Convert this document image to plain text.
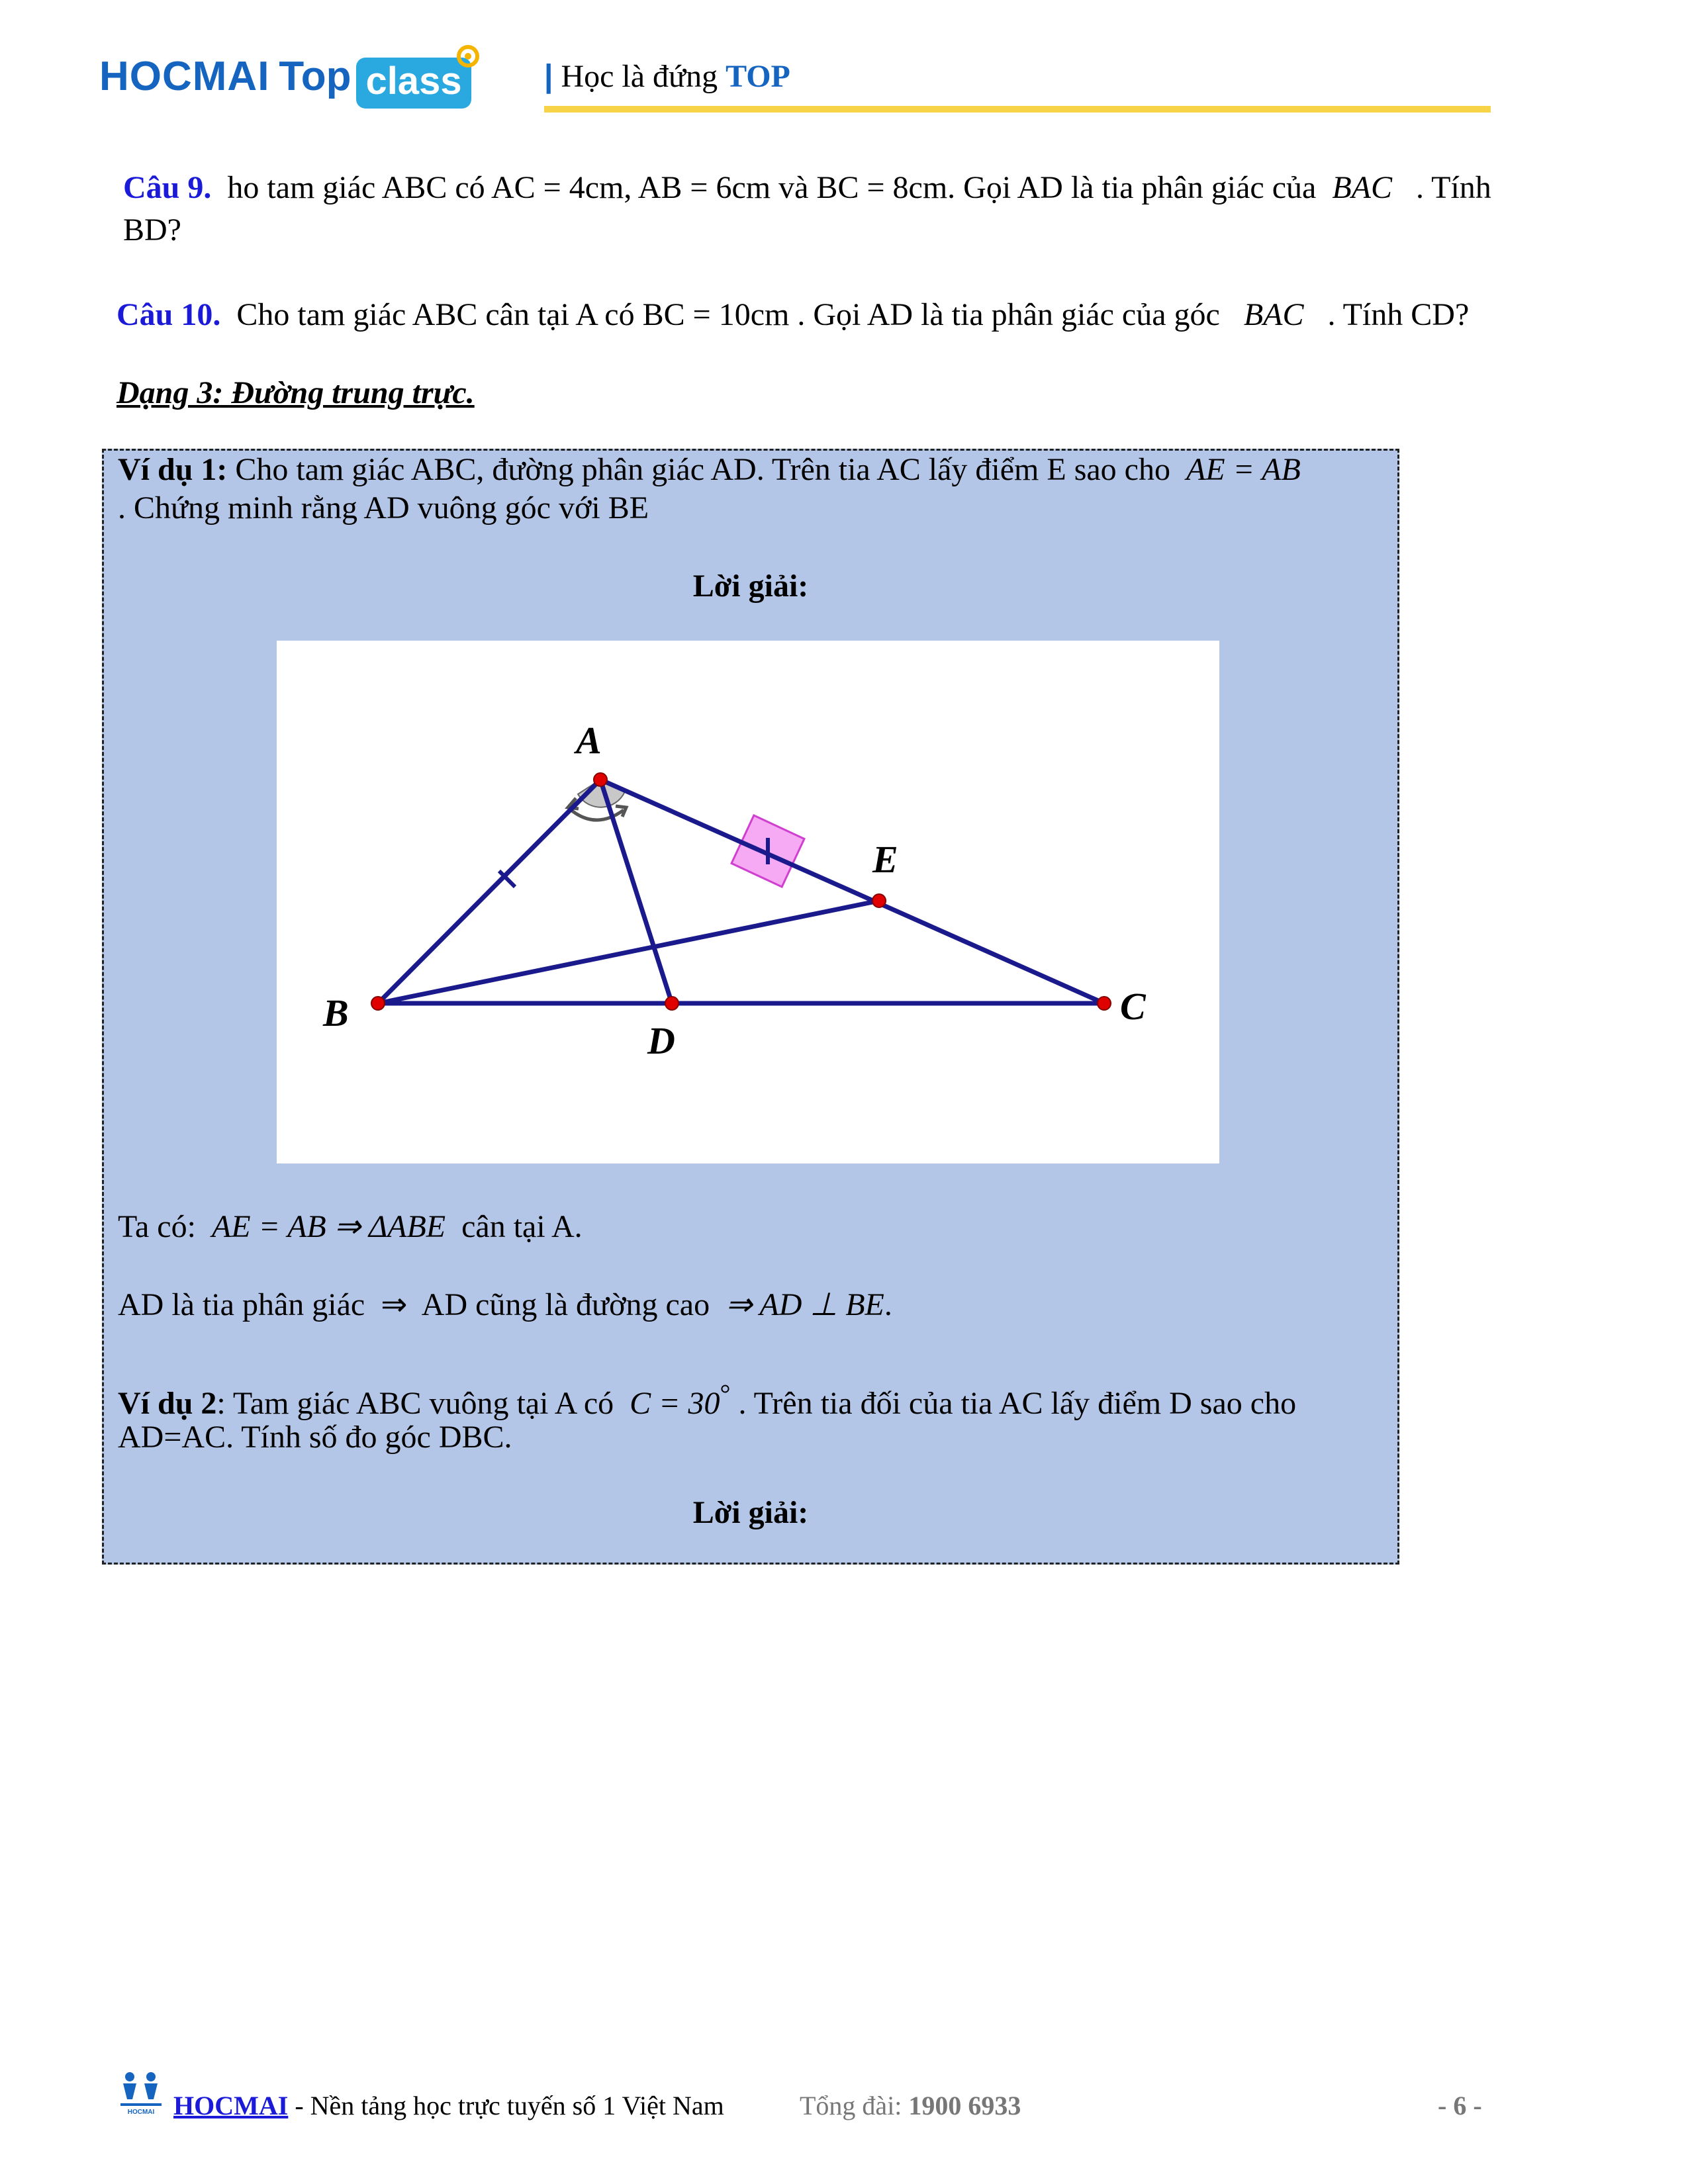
HOCMAI Top class	| Học là đứng TOP
Câu 9. ho tam giác ABC có AC = 4cm, AB = 6cm và BC = 8cm. Gọi AD là tia phân giác của BAC . Tính
BD?
Câu 10. Cho tam giác ABC cân tại A có BC = 10cm . Gọi AD là tia phân giác của góc BAC . Tính CD?
Dạng 3: Đường trung trực.
Ví dụ 1: Cho tam giác ABC, đường phân giác AD. Trên tia AC lấy điểm E sao cho AE = AB
. Chứng minh rằng AD vuông góc với BE
Lời giải:
A
B	C
D
E
Ta có: AE = AB ⇒ ΔABE cân tại A.
AD là tia phân giác ⇒ AD cũng là đường cao ⇒ AD ⊥ BE.
Ví dụ 2: Tam giác ABC vuông tại A có C = 30° . Trên tia đối của tia AC lấy điểm D sao cho
AD=AC. Tính số đo góc DBC.
Lời giải:
HOCMAI HOCMAI - Nền tảng học trực tuyến số 1 Việt Nam	Tổng đài: 1900 6933	- 6 -
